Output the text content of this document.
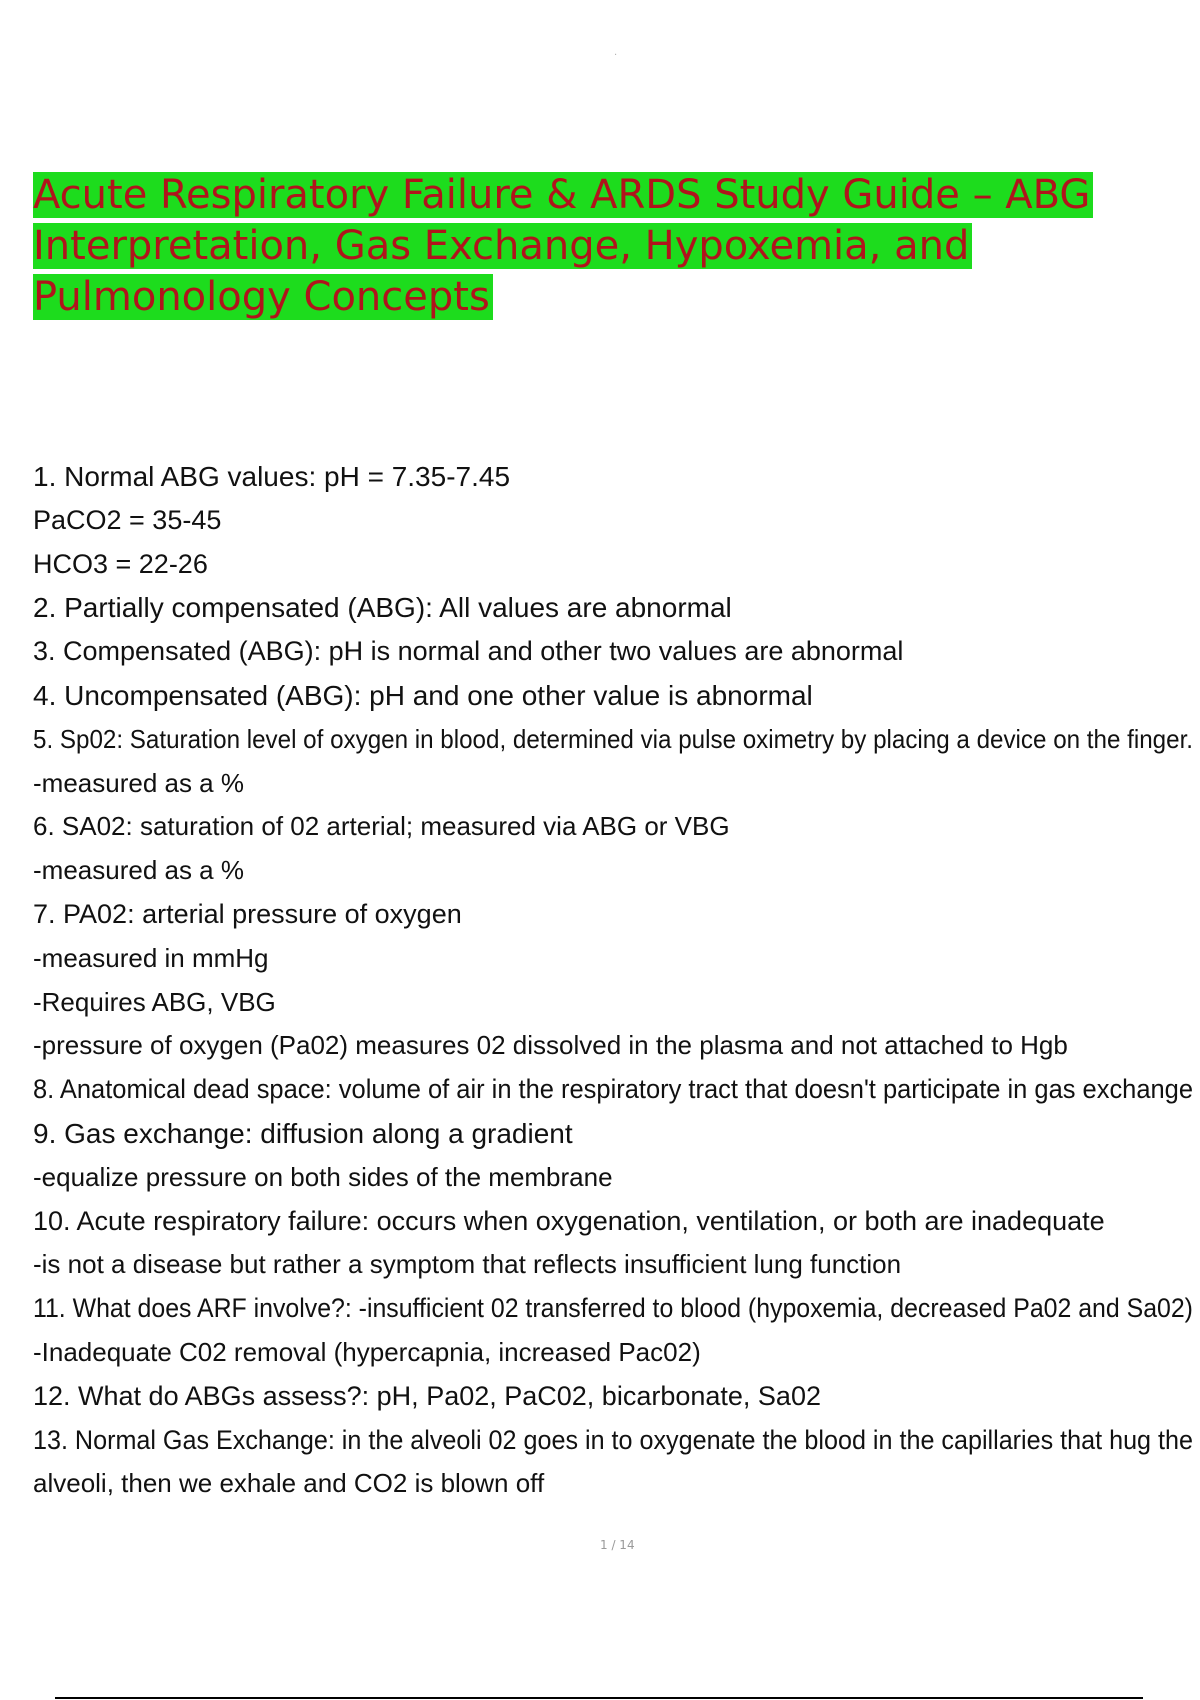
·
Acute Respiratory Failure & ARDS Study Guide – ABG
Interpretation, Gas Exchange, Hypoxemia, and
Pulmonology Concepts
1. Normal ABG values: pH = 7.35-7.45
PaCO2 = 35-45
HCO3 = 22-26
2. Partially compensated (ABG): All values are abnormal
3. Compensated (ABG): pH is normal and other two values are abnormal
4. Uncompensated (ABG): pH and one other value is abnormal
5. Sp02: Saturation level of oxygen in blood, determined via pulse oximetry by placing a device on the finger.
-measured as a %
6. SA02: saturation of 02 arterial; measured via ABG or VBG
-measured as a %
7. PA02: arterial pressure of oxygen
-measured in mmHg
-Requires ABG, VBG
-pressure of oxygen (Pa02) measures 02 dissolved in the plasma and not attached to Hgb
8. Anatomical dead space: volume of air in the respiratory tract that doesn't participate in gas exchange
9. Gas exchange: diffusion along a gradient
-equalize pressure on both sides of the membrane
10. Acute respiratory failure: occurs when oxygenation, ventilation, or both are inadequate
-is not a disease but rather a symptom that reflects insufficient lung function
11. What does ARF involve?: -insufficient 02 transferred to blood (hypoxemia, decreased Pa02 and Sa02)
-Inadequate C02 removal (hypercapnia, increased Pac02)
12. What do ABGs assess?: pH, Pa02, PaC02, bicarbonate, Sa02
13. Normal Gas Exchange: in the alveoli 02 goes in to oxygenate the blood in the capillaries that hug the
alveoli, then we exhale and CO2 is blown off
1 / 14
